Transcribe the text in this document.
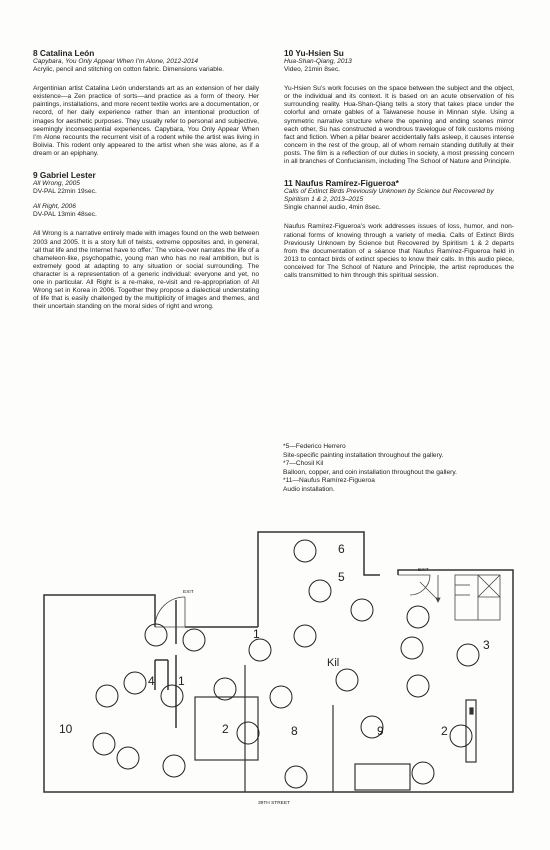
8 Catalina León

Capybara, You Only Appear When I’m Alone, 2012-2014

Acrylic, pencil and stitching on cotton fabric. Dimensions variable.

Argentinian artist Catalina León understands art as an extension of her daily existence—a Zen practice of sorts—and practice as a form of theory. Her paintings, installations, and more recent textile works are a documentation, or record, of her daily experience rather than an intentional production of images for aesthetic purposes. They usually refer to personal and subjective, seemingly inconsequential experiences. Capybara, You Only Appear When I’m Alone recounts the recurrent visit of a rodent while the artist was living in Bolivia. This rodent only appeared to the artist when she was alone, as if a dream or an epiphany.

9 Gabriel Lester

All Wrong, 2005

DV-PAL 22min 19sec.

All Right, 2006

DV-PAL 13min 48sec.

All Wrong is a narrative entirely made with images found on the web between 2003 and 2005. It is a story full of twists, extreme opposites and, in general, ‘all that life and the Internet have to offer.’ The voice-over narrates the life of a chameleon-like, psychopathic, young man who has no real ambition, but is extremely good at adapting to any situation or social surrounding. The character is a representation of a generic individual: everyone and yet, no one in particular. All Right is a re-make, re-visit and re-appropriation of All Wrong set in Korea in 2006. Together they propose a dialectical understating of life that is easily challenged by the multiplicity of images and themes, and their uncertain standing on the moral sides of right and wrong.

10 Yu-Hsien Su

Hua-Shan-Qiang, 2013

Video, 21min 8sec.

Yu-Hsien Su’s work focuses on the space between the subject and the object, or the individual and its context. It is based on an acute observation of his surrounding reality. Hua-Shan-Qiang tells a story that takes place under the colorful and ornate gables of a Taiwanese house in Minnan style. Using a symmetric narrative structure where the opening and ending scenes mirror each other, Su has constructed a wondrous travelogue of folk customs mixing fact and fiction. When a pillar bearer accidentally falls asleep, it causes intense concern in the rest of the group, all of whom remain standing dutifully at their posts. The film is a reflection of our duties in society, a most pressing concern in all branches of Confucianism, including The School of Nature and Principle.

11 Naufus Ramírez-Figueroa*

Calls of Extinct Birds Previously Unknown by Science but Recovered by Spiritism 1 & 2, 2013–2015

Single channel audio, 4min 8sec.

Naufus Ramírez-Figueroa’s work addresses issues of loss, humor, and non-rational forms of knowing through a variety of media. Calls of Extinct Birds Previously Unknown by Science but Recovered by Spiritism 1 & 2 departs from the documentation of a séance that Naufus Ramírez-Figueroa held in 2013 to contact birds of extinct species to know their calls. In this audio piece, conceived for The School of Nature and Principle, the artist reproduces the calls transmitted to him through this spiritual session.

*5—Federico Herrero

Site-specific painting installation throughout the gallery.

*7—Chosil Kil

Balloon, copper, and coin installation throughout the gallery.

*11—Naufus Ramírez-Figueroa

Audio installation.

EXIT
EXIT
6
5
1
4 1
10	2	8
Kil
3
9	2
39TH STREET
